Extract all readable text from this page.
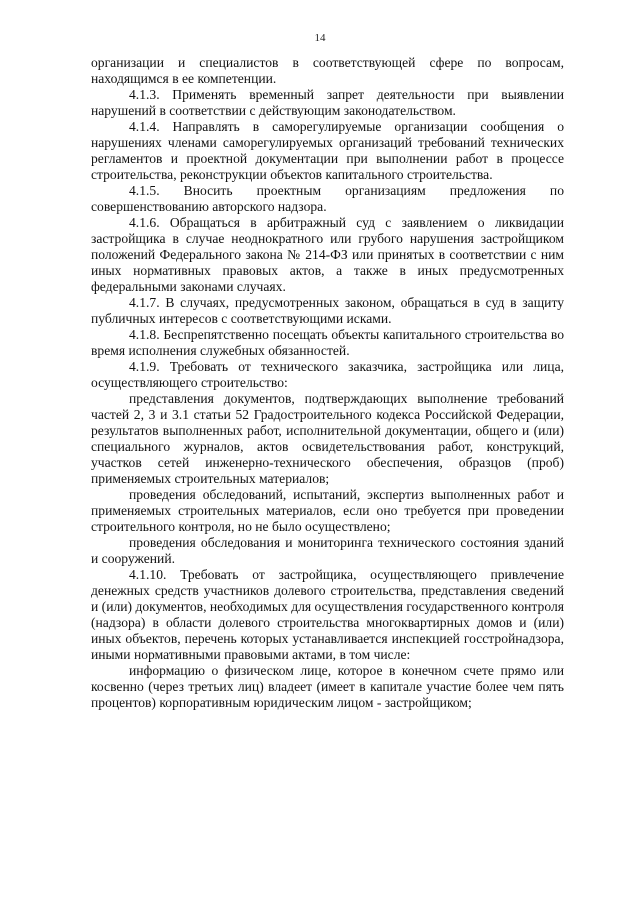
14

организации и специалистов в соответствующей сфере по вопросам, находящимся в ее компетенции.

4.1.3. Применять временный запрет деятельности при выявлении нарушений в соответствии с действующим законодательством.

4.1.4. Направлять в саморегулируемые организации сообщения о нарушениях членами саморегулируемых организаций требований технических регламентов и проектной документации при выполнении работ в процессе строительства, реконструкции объектов капитального строительства.

4.1.5. Вносить проектным организациям предложения по совершенствованию авторского надзора.

4.1.6. Обращаться в арбитражный суд с заявлением о ликвидации застройщика в случае неоднократного или грубого нарушения застройщиком положений Федерального закона № 214-ФЗ или принятых в соответствии с ним иных нормативных правовых актов, а также в иных предусмотренных федеральными законами случаях.

4.1.7. В случаях, предусмотренных законом, обращаться в суд в защиту публичных интересов с соответствующими исками.

4.1.8. Беспрепятственно посещать объекты капитального строительства во время исполнения служебных обязанностей.

4.1.9. Требовать от технического заказчика, застройщика или лица, осуществляющего строительство:

представления документов, подтверждающих выполнение требований частей 2, 3 и 3.1 статьи 52 Градостроительного кодекса Российской Федерации, результатов выполненных работ, исполнительной документации, общего и (или) специального журналов, актов освидетельствования работ, конструкций, участков сетей инженерно-технического обеспечения, образцов (проб) применяемых строительных материалов;

проведения обследований, испытаний, экспертиз выполненных работ и применяемых строительных материалов, если оно требуется при проведении строительного контроля, но не было осуществлено;

проведения обследования и мониторинга технического состояния зданий и сооружений.

4.1.10. Требовать от застройщика, осуществляющего привлечение денежных средств участников долевого строительства, представления сведений и (или) документов, необходимых для осуществления государственного контроля (надзора) в области долевого строительства многоквартирных домов и (или) иных объектов, перечень которых устанавливается инспекцией госстройнадзора, иными нормативными правовыми актами, в том числе:

информацию о физическом лице, которое в конечном счете прямо или косвенно (через третьих лиц) владеет (имеет в капитале участие более чем пять процентов) корпоративным юридическим лицом - застройщиком;
